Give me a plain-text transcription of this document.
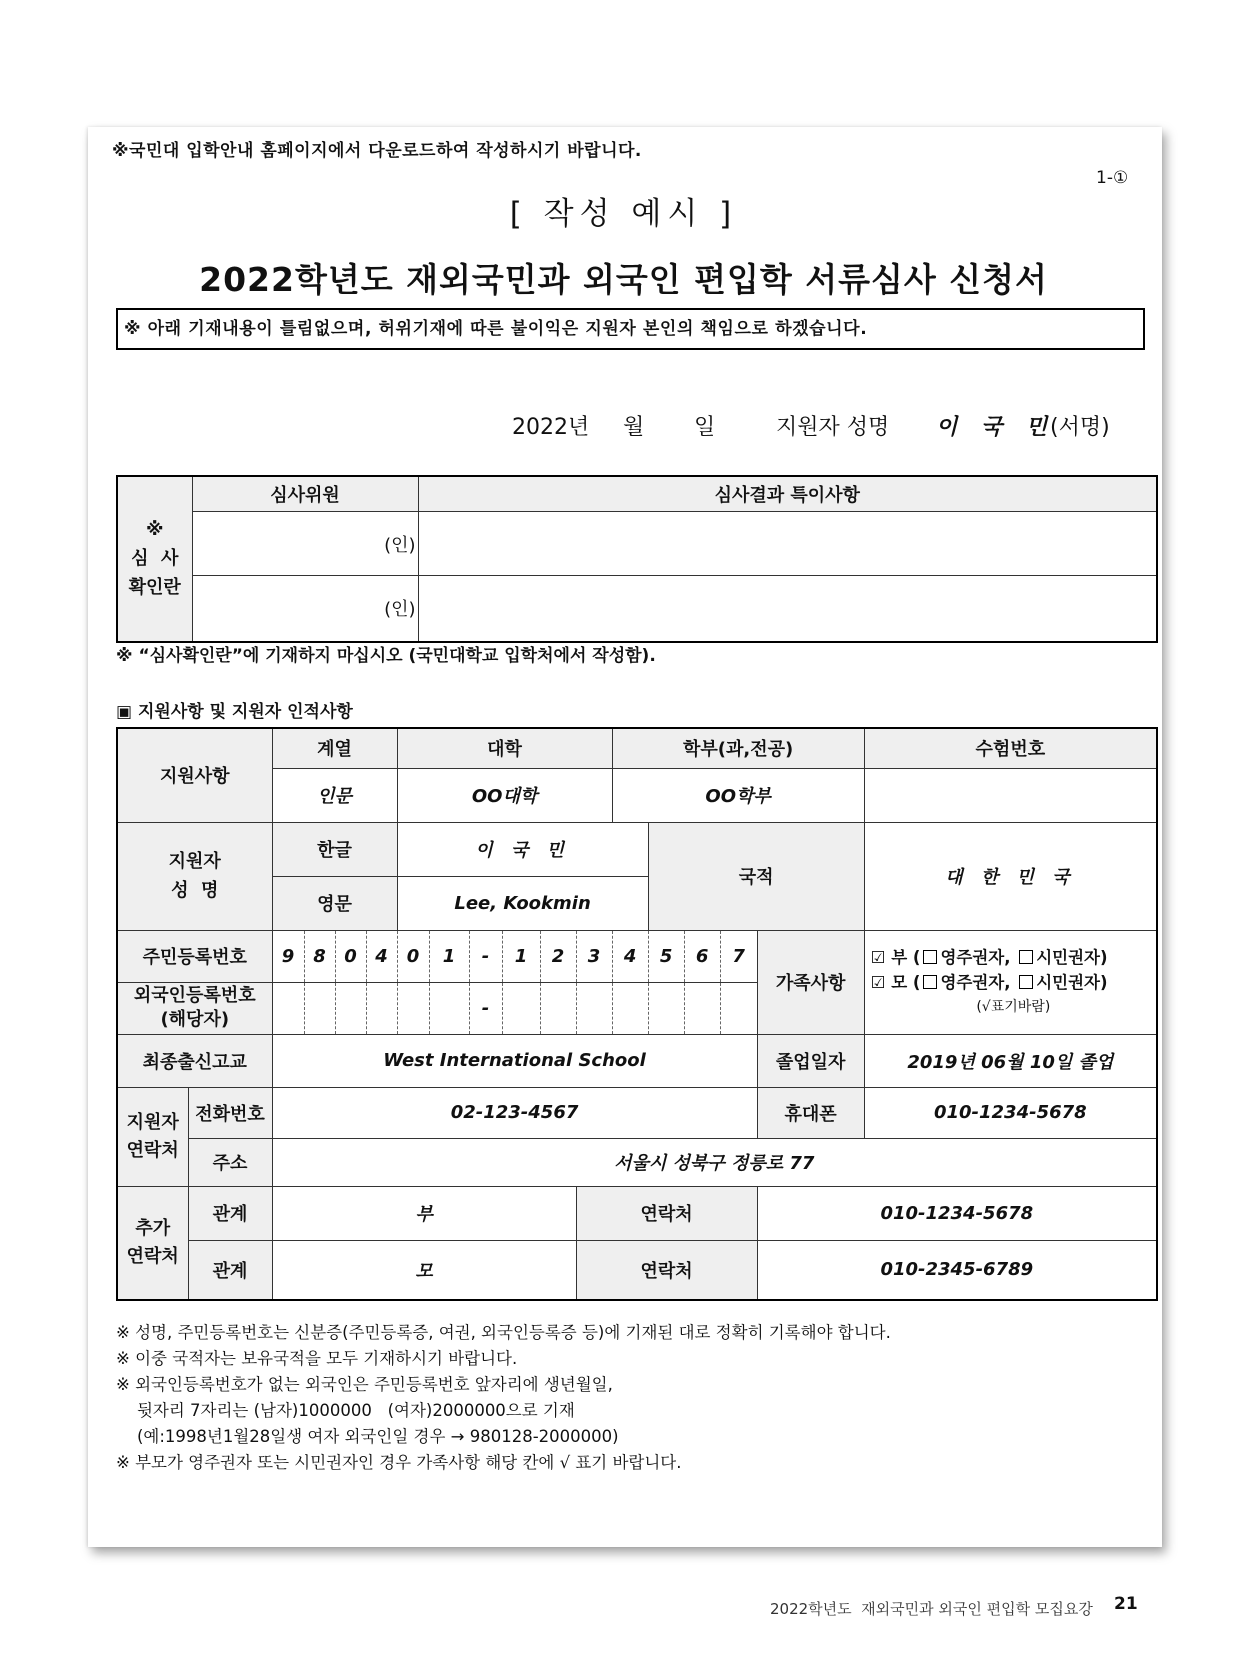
※국민대 입학안내 홈페이지에서 다운로드하여 작성하시기 바랍니다.
1-①
[ 작성 예시 ]
2022학년도 재외국민과 외국인 편입학 서류심사 신청서
※ 아래 기재내용이 틀림없으며, 허위기재에 따른 불이익은 지원자 본인의 책임으로 하겠습니다.
2022년 월 일	지원자 성명 이 국 민
(서명)
※
심  사
확인란	심사위원	심사결과 특이사항
	(인)	
	(인)	
※ “심사확인란”에 기재하지 마십시오 (국민대학교 입학처에서 작성함).
▣ 지원사항 및 지원자 인적사항
지원사항		계열				대학						학부(과,전공)					수험번호
		인문				OO대학						OO학부					

지원자
성  명		한글				이 국 민							국적				대 한 민 국
		영문				Lee, Kookmin											
주민등록번호		9	8	0	4	0	1	-	1	2	3	4	5	6	7	가족사항	☑ 부 ( 영주권자, 시민권자)
☑ 모 ( 영주권자, 시민권자)
(√표기바람)

외국인등록번호
(해당자)								-									
최종출신고교		West International School														졸업일자	2019년 06월 10일 졸업

지원자
연락처	전화번호	02-123-4567														휴대폰	010-1234-5678
	주소	서울시 성북구 정릉로 77															

추가
연락처	관계	부									연락처					010-1234-5678	
	관계	모									연락처					010-2345-6789	
※ 성명, 주민등록번호는 신분증(주민등록증, 여권, 외국인등록증 등)에 기재된 대로 정확히 기록해야 합니다.
※ 이중 국적자는 보유국적을 모두 기재하시기 바랍니다.
※ 외국인등록번호가 없는 외국인은 주민등록번호 앞자리에 생년월일,
뒷자리 7자리는 (남자)1000000   (여자)2000000으로 기재
(예:1998년1월28일생 여자 외국인일 경우 → 980128-2000000)
※ 부모가 영주권자 또는 시민권자인 경우 가족사항 해당 칸에 √ 표기 바랍니다.
2022학년도  재외국민과 외국인 편입학 모집요강 21
